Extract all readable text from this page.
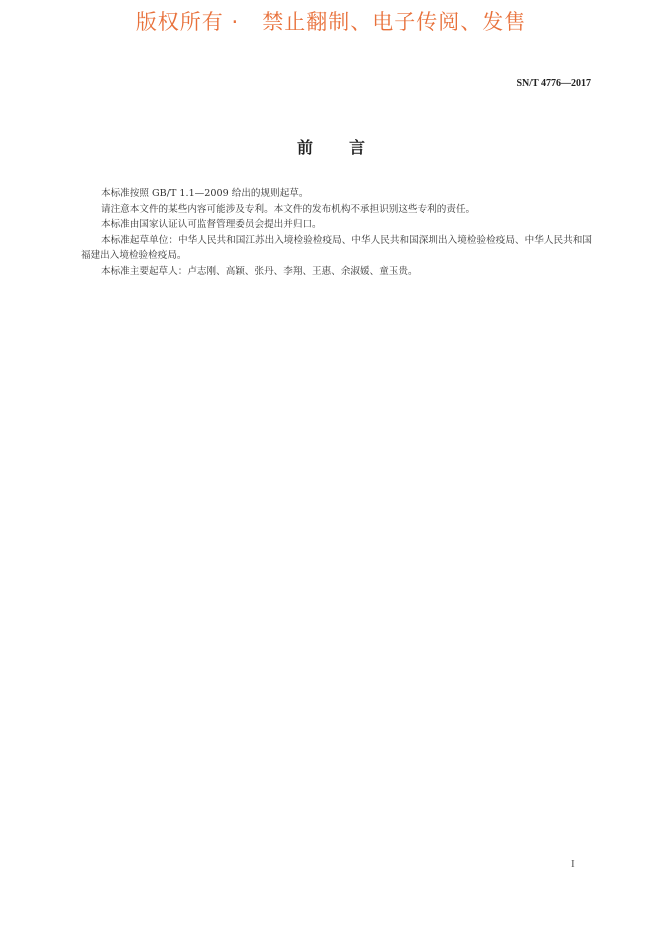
版权所有 ·   禁止翻制、电子传阅、发售
SN/T 4776—2017
前言

本标准按照 GB/T 1.1—2009 给出的规则起草。

请注意本文件的某些内容可能涉及专利。本文件的发布机构不承担识别这些专利的责任。

本标准由国家认证认可监督管理委员会提出并归口。

本标准起草单位：中华人民共和国江苏出入境检验检疫局、中华人民共和国深圳出入境检验检疫局、中华人民共和国福建出入境检验检疫局。

本标准主要起草人：卢志刚、高颖、张丹、李翔、王惠、余淑媛、童玉贵。

I
